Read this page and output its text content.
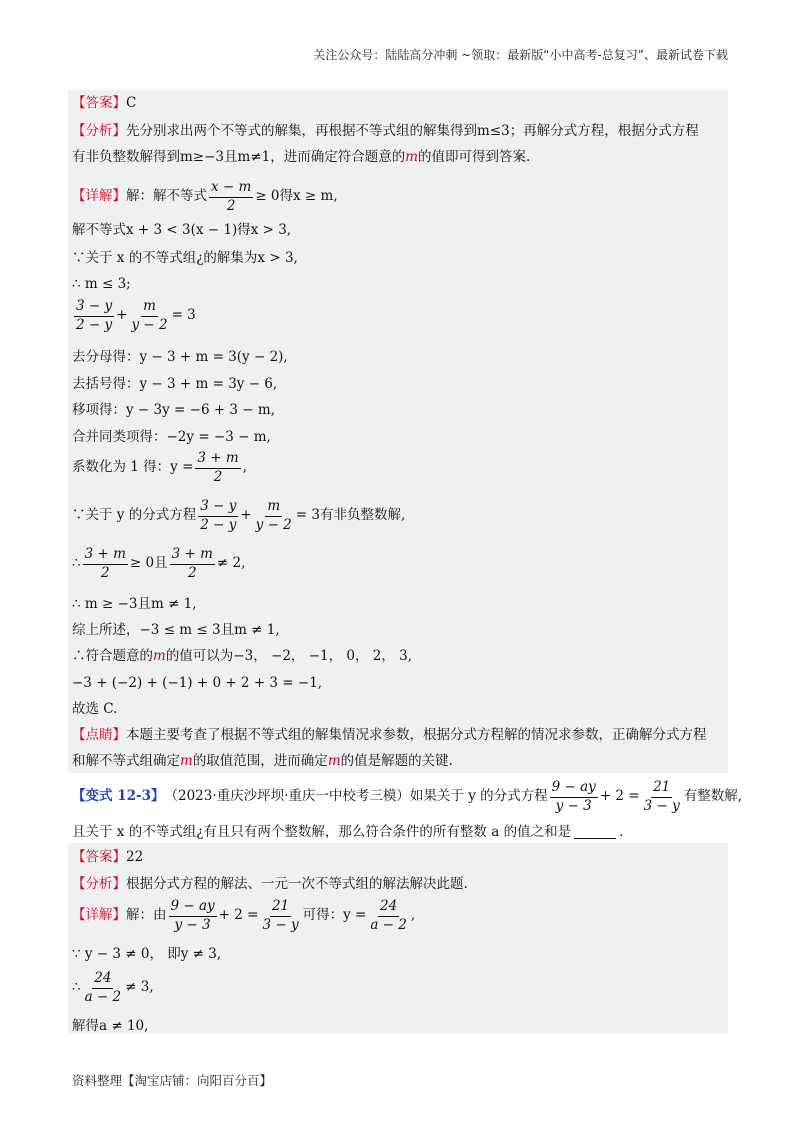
关注公众号：陆陆高分冲刺 ~领取：最新版“小中高考-总复习”、最新试卷下载
【答案】 C
【分析】 先分别求出两个不等式的解集，再根据不等式组的解集得到m≤3；再解分式方程，根据分式方程
有非负整数解得到m≥−3且m≠1，进而确定符合题意的 m 的值即可得到答案.
【详解】 解：解不等式 $\frac{x - m}{2} \ge 0$得x ≥ m,
解不等式x + 3 < 3(x − 1)得x > 3,
∵关于 x 的不等式组¿的解集为x > 3,
∴ m ≤ 3;
$\frac{3 - y}{2 - y} + \frac{m}{y - 2} = 3$
去分母得：y − 3 + m = 3(y − 2),
去括号得：y − 3 + m = 3y − 6,
移项得：y − 3y = −6 + 3 − m,
合并同类项得：−2y = −3 − m,
系数化为 1 得：$y = \frac{3 + m}{2}$ ,
∵关于 y 的分式方程 $\frac{3 - y}{2 - y} + \frac{m}{y - 2} = 3$有非负整数解,
∴ $\frac{3 + m}{2} \ge 0$且 $\frac{3 + m}{2} \ne 2$,
∴ m ≥ −3且m ≠ 1,
综上所述，−3 ≤ m ≤ 3且m ≠ 1,
∴符合题意的 m 的值可以为−3， −2， −1， 0， 2， 3,
−3 + (−2) + (−1) + 0 + 2 + 3 = −1,
故选 C.
【点睛】 本题主要考查了根据不等式组的解集情况求参数，根据分式方程解的情况求参数，正确解分式方程
和解不等式组确定 m 的取值范围，进而确定 m 的值是解题的关键.
【变式 12-3】 （2023·重庆沙坪坝·重庆一中校考三模）如果关于 y 的分式方程 $\frac{9 - ay}{y - 3} + 2 = \frac{21}{3 - y}$ 有整数解,
且关于 x 的不等式组¿有且只有两个整数解，那么符合条件的所有整数 a 的值之和是	.
【答案】 22
【分析】 根据分式方程的解法、一元一次不等式组的解法解决此题.
【详解】 解：由 $\frac{9 - ay}{y - 3} + 2 = \frac{21}{3 - y}$ 可得：$y = \frac{24}{a - 2}$ ,
∵ y − 3 ≠ 0， 即y ≠ 3,
∴ $\frac{24}{a - 2} \ne 3$,
解得a ≠ 10,
资料整理【淘宝店铺：向阳百分百】
